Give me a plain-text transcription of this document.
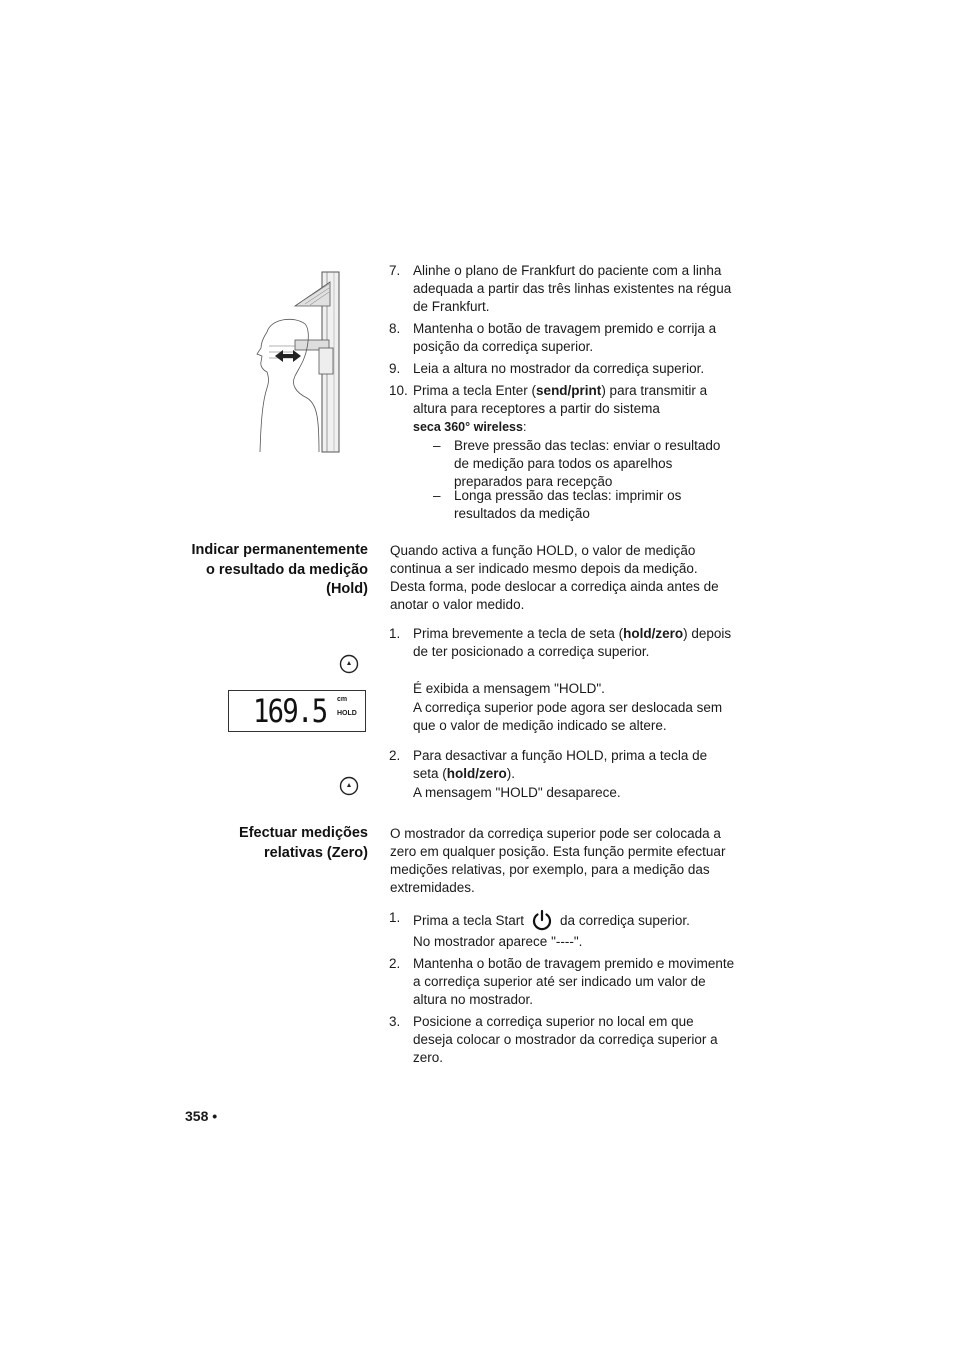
7. Alinhe o plano de Frankfurt do paciente com a linha adequada a partir das três linhas existentes na régua de Frankfurt.
8. Mantenha o botão de travagem premido e corrija a posição da corrediça superior.
9. Leia a altura no mostrador da corrediça superior.
10. Prima a tecla Enter (send/print) para transmitir a altura para receptores a partir do sistema
seca 360° wireless:
– Breve pressão das teclas: enviar o resultado de medição para todos os aparelhos preparados para recepção
– Longa pressão das teclas: imprimir os resultados da medição
Indicar permanentemente o resultado da medição (Hold)
Quando activa a função HOLD, o valor de medição continua a ser indicado mesmo depois da medição. Desta forma, pode deslocar a corrediça ainda antes de anotar o valor medido.
1. Prima brevemente a tecla de seta (hold/zero) depois de ter posicionado a corrediça superior.
169.5 cm
HOLD
É exibida a mensagem "HOLD".
A corrediça superior pode agora ser deslocada sem que o valor de medição indicado se altere.
2. Para desactivar a função HOLD, prima a tecla de seta (hold/zero).
A mensagem "HOLD" desaparece.
Efectuar medições relativas (Zero)
O mostrador da corrediça superior pode ser colocada a zero em qualquer posição. Esta função permite efectuar medições relativas, por exemplo, para a medição das extremidades.
1. Prima a tecla Start	da corrediça superior.
No mostrador aparece "----".
2. Mantenha o botão de travagem premido e movimente a corrediça superior até ser indicado um valor de altura no mostrador.
3. Posicione a corrediça superior no local em que deseja colocar o mostrador da corrediça superior a zero.
358 •
